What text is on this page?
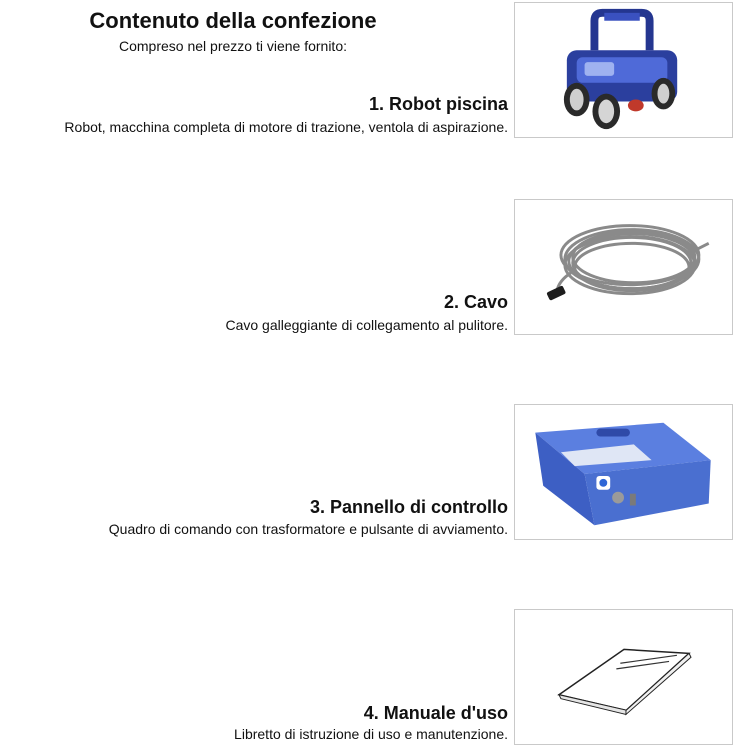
Contenuto della confezione
Compreso nel prezzo ti viene fornito:
1. Robot piscina
Robot, macchina completa di motore di trazione, ventola di aspirazione.
2. Cavo
Cavo galleggiante di collegamento al pulitore.
3. Pannello di controllo
Quadro di comando con trasformatore e pulsante di avviamento.
4. Manuale d'uso
Libretto di istruzione di uso e manutenzione.
